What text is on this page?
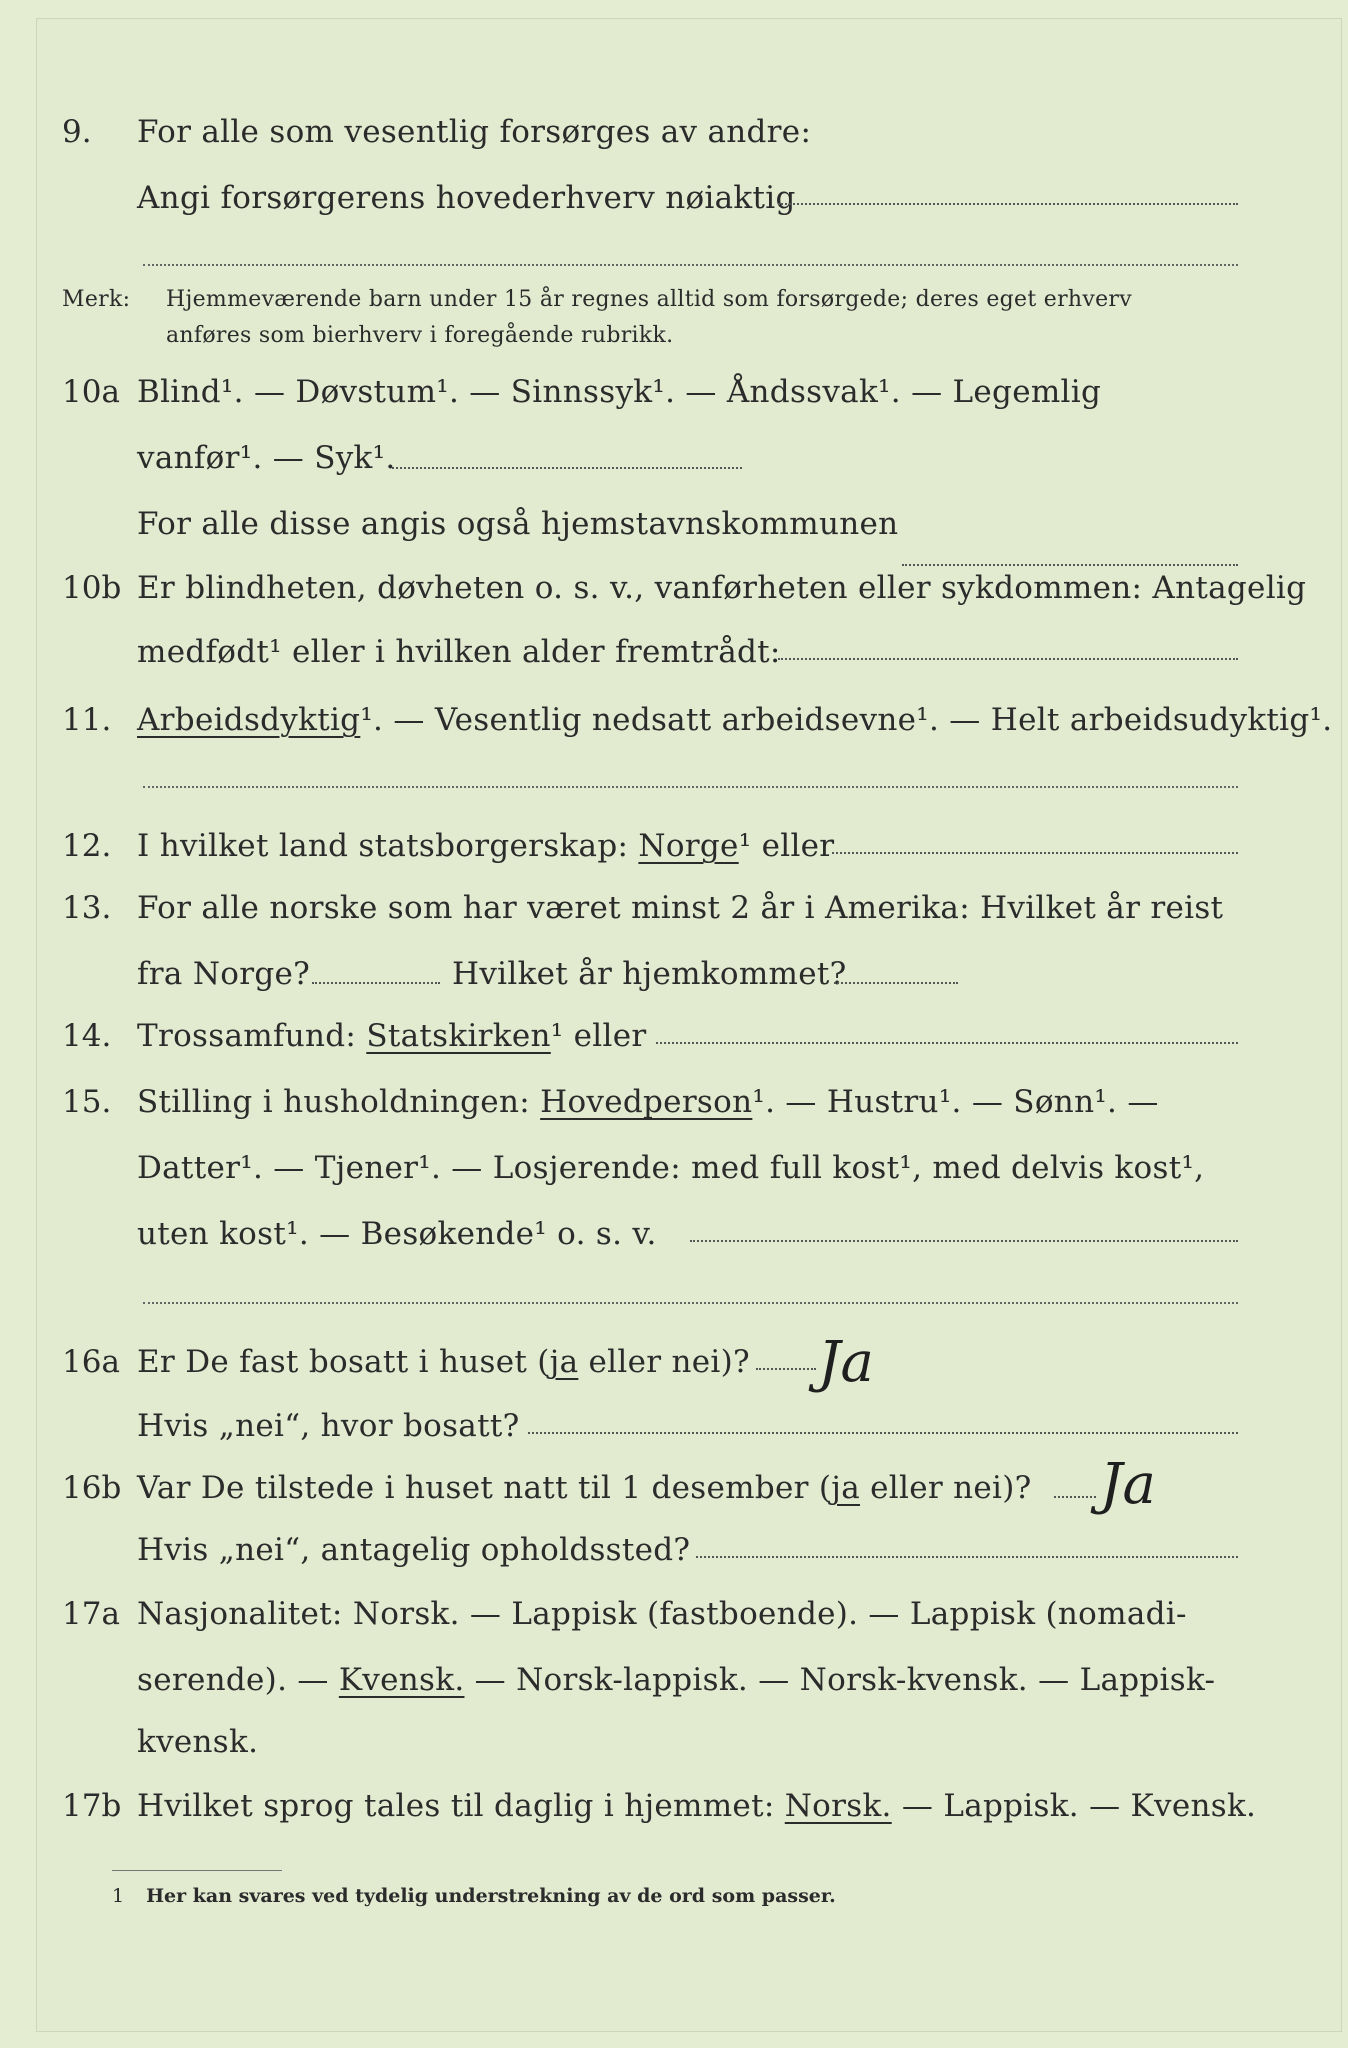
9. For alle som vesentlig forsørges av andre:
Angi forsørgerens hovederhverv nøiaktig
Merk: Hjemmeværende barn under 15 år regnes alltid som forsørgede; deres eget erhverv
anføres som bierhverv i foregående rubrikk.
10a Blind¹. — Døvstum¹. — Sinnssyk¹. — Åndssvak¹. — Legemlig
vanfør¹. — Syk¹.
For alle disse angis også hjemstavnskommunen
10b Er blindheten, døvheten o. s. v., vanførheten eller sykdommen: Antagelig
medfødt¹ eller i hvilken alder fremtrådt:
11. Arbeidsdyktig¹. — Vesentlig nedsatt arbeidsevne¹. — Helt arbeidsudyktig¹.
12. I hvilket land statsborgerskap: Norge¹ eller
13. For alle norske som har været minst 2 år i Amerika: Hvilket år reist
fra Norge?	Hvilket år hjemkommet?
14. Trossamfund: Statskirken¹ eller
15. Stilling i husholdningen: Hovedperson¹. — Hustru¹. — Sønn¹. —
Datter¹. — Tjener¹. — Losjerende: med full kost¹, med delvis kost¹,
uten kost¹. — Besøkende¹ o. s. v.
16a Er De fast bosatt i huset (ja eller nei)? Ja
Hvis „nei“, hvor bosatt?
16b Var De tilstede i huset natt til 1 desember (ja eller nei)? Ja
Hvis „nei“, antagelig opholdssted?
17a Nasjonalitet: Norsk. — Lappisk (fastboende). — Lappisk (nomadi-
serende). — Kvensk. — Norsk-lappisk. — Norsk-kvensk. — Lappisk-
kvensk.
17b Hvilket sprog tales til daglig i hjemmet: Norsk. — Lappisk. — Kvensk.
1 Her kan svares ved tydelig understrekning av de ord som passer.
